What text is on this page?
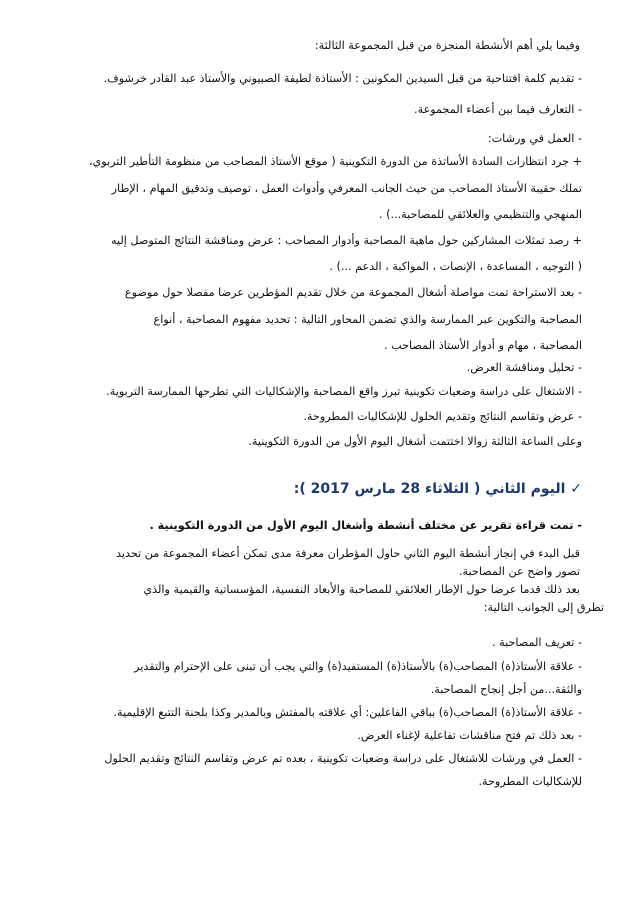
وفيما يلي أهم الأنشطة المنجزة من قبل المجموعة الثالثة:

- تقديم كلمة افتتاحية من قبل السيدين المكونين : الأستاذة لطيفة الصبيوني والأستاذ عبد القادر خرشوف.

- التعارف فيما بين أعضاء المجموعة.

- العمل في ورشات:

+ جرد انتظارات السادة الأساتذة من الدورة التكوينية ( موقع الأستاذ المصاحب من منظومة التأطير التربوي،

تملك حقيبة الأستاذ المصاحب من حيث الجانب المعرفي وأدوات العمل ، توصيف وتدقيق المهام ، الإطار

المنهجي والتنظيمي والعلائقي للمصاحبة...) .

+ رصد تمثلات المشاركين حول ماهية المصاحبة وأدوار المصاحب : عرض ومناقشة النتائج المتوصل إليه

( التوجيه ، المساعدة ، الإنصات ، المواكبة ، الدعم ...) .

- بعد الاستراحة تمت مواصلة أشغال المجموعة من خلال تقديم المؤطرين عرضا مفصلا حول موضوع

المصاحبة والتكوين عبر الممارسة والذي تضمن المحاور التالية : تحديد مفهوم المصاحبة ، أنواع

المصاحبة ، مهام و أدوار الأستاذ المصاحب .

- تحليل ومناقشة العرض.

- الاشتغال على دراسة وضعيات تكوينية تبرز واقع المصاحبة والإشكاليات التي تطرحها الممارسة التربوية.

- عرض وتقاسم النتائج وتقديم الحلول للإشكاليات المطروحة.

وعلى الساعة الثالثة زوالا اختتمت أشغال اليوم الأول من الدورة التكوينية.

✓ اليوم الثاني ( الثلاثاء 28 مارس 2017 ):

- تمت قراءة تقرير عن مختلف أنشطة وأشغال اليوم الأول من الدورة التكوينية .

قبل البدء في إنجاز أنشطة اليوم الثاني حاول المؤطران معرفة مدى تمكن أعضاء المجموعة من تحديد

تصور واضح عن المصاحبة.

بعد ذلك قدما عرضا حول الإطار العلائقي للمصاحبة والأبعاد النفسية، المؤسساتية والقيمية والذي

تطرق إلى الجوانب التالية:

- تعريف المصاحبة .

- علاقة الأستاذ(ة) المصاحب(ة) بالأستاذ(ة) المستفيد(ة) والتي يجب أن تبنى على الإحترام والتقدير

والثقة...من أجل إنجاح المصاحبة.

- علاقة الأستاذ(ة) المصاحب(ة) بباقي الفاعلين: أي علاقته بالمفتش وبالمدير وكذا بلجنة التتبع الإقليمية.

- بعد ذلك تم فتح مناقشات تفاعلية لإغناء العرض.

- العمل في ورشات للاشتغال على دراسة وضعيات تكوينية ، بعده تم عرض وتقاسم النتائج وتقديم الحلول

للإشكاليات المطروحة.
